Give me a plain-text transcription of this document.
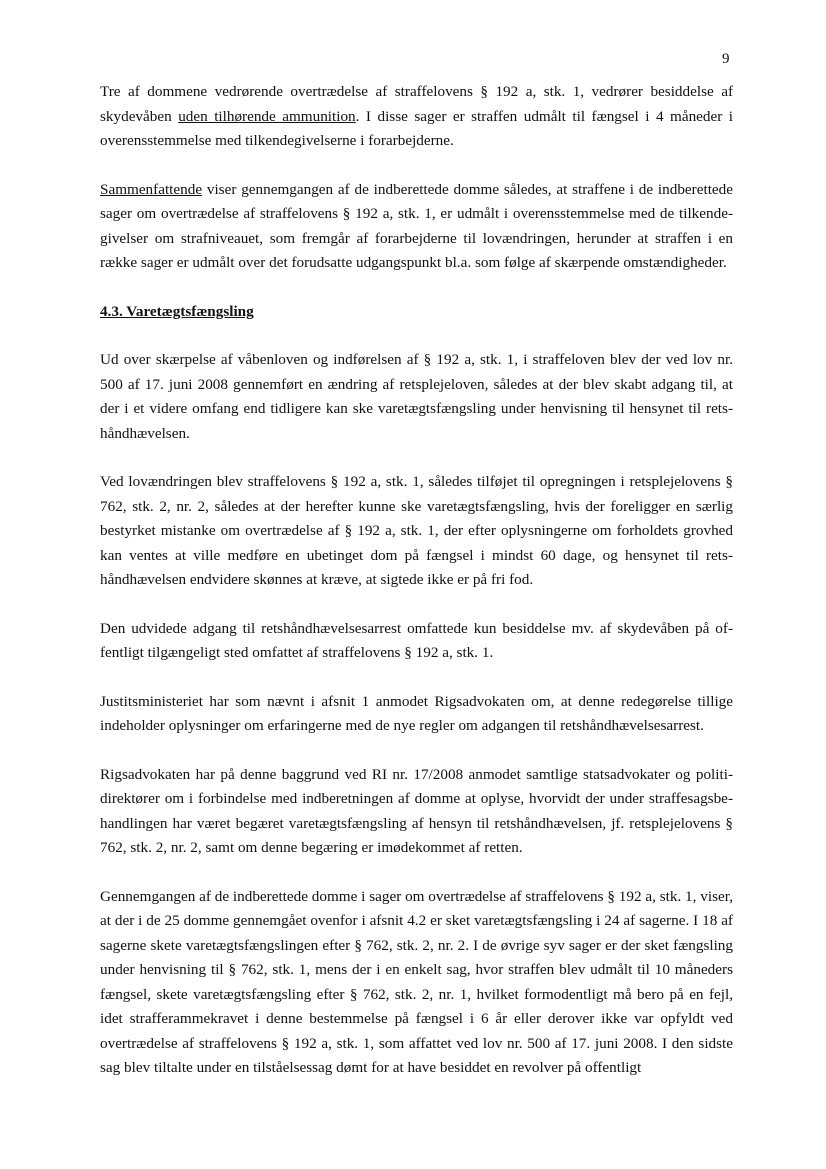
9

Tre af dommene vedrørende overtrædelse af straffelovens § 192 a, stk. 1, vedrører besiddelse af skydevåben uden tilhørende ammunition. I disse sager er straffen udmålt til fængsel i 4 måneder i overensstemmelse med tilkendegivelserne i forarbejderne.

Sammenfattende viser gennemgangen af de indberettede domme således, at straffene i de indberettede sager om overtrædelse af straffelovens § 192 a, stk. 1, er udmålt i overensstemmelse med de tilkendegivelser om strafniveauet, som fremgår af forarbejderne til lovændringen, herunder at straffen i en række sager er udmålt over det forudsatte udgangspunkt bl.a. som følge af skærpende omstændigheder.

4.3. Varetægtsfængsling

Ud over skærpelse af våbenloven og indførelsen af § 192 a, stk. 1, i straffeloven blev der ved lov nr. 500 af 17. juni 2008 gennemført en ændring af retsplejeloven, således at der blev skabt adgang til, at der i et videre omfang end tidligere kan ske varetægtsfængsling under henvisning til hensynet til retshåndhævelsen.

Ved lovændringen blev straffelovens § 192 a, stk. 1, således tilføjet til opregningen i retsplejelovens § 762, stk. 2, nr. 2, således at der herefter kunne ske varetægtsfængsling, hvis der foreligger en særlig bestyrket mistanke om overtrædelse af § 192 a, stk. 1, der efter oplysningerne om forholdets grovhed kan ventes at ville medføre en ubetinget dom på fængsel i mindst 60 dage, og hensynet til retshåndhævelsen endvidere skønnes at kræve, at sigtede ikke er på fri fod.

Den udvidede adgang til retshåndhævelsesarrest omfattede kun besiddelse mv. af skydevåben på offentligt tilgængeligt sted omfattet af straffelovens § 192 a, stk. 1.

Justitsministeriet har som nævnt i afsnit 1 anmodet Rigsadvokaten om, at denne redegørelse tillige indeholder oplysninger om erfaringerne med de nye regler om adgangen til retshåndhævelsesarrest.

Rigsadvokaten har på denne baggrund ved RI nr. 17/2008 anmodet samtlige statsadvokater og politidirektører om i forbindelse med indberetningen af domme at oplyse, hvorvidt der under straffesagsbehandlingen har været begæret varetægtsfængsling af hensyn til retshåndhævelsen, jf. retsplejelovens § 762, stk. 2, nr. 2, samt om denne begæring er imødekommet af retten.

Gennemgangen af de indberettede domme i sager om overtrædelse af straffelovens § 192 a, stk. 1, viser, at der i de 25 domme gennemgået ovenfor i afsnit 4.2 er sket varetægtsfængsling i 24 af sagerne. I 18 af sagerne skete varetægtsfængslingen efter § 762, stk. 2, nr. 2. I de øvrige syv sager er der sket fængsling under henvisning til § 762, stk. 1, mens der i en enkelt sag, hvor straffen blev udmålt til 10 måneders fængsel, skete varetægtsfængsling efter § 762, stk. 2, nr. 1, hvilket formodentligt må bero på en fejl, idet strafferammekravet i denne bestemmelse på fængsel i 6 år eller derover ikke var opfyldt ved overtrædelse af straffelovens § 192 a, stk. 1, som affattet ved lov nr. 500 af 17. juni 2008. I den sidste sag blev tiltalte under en tilståelsessag dømt for at have besiddet en revolver på offentligt
